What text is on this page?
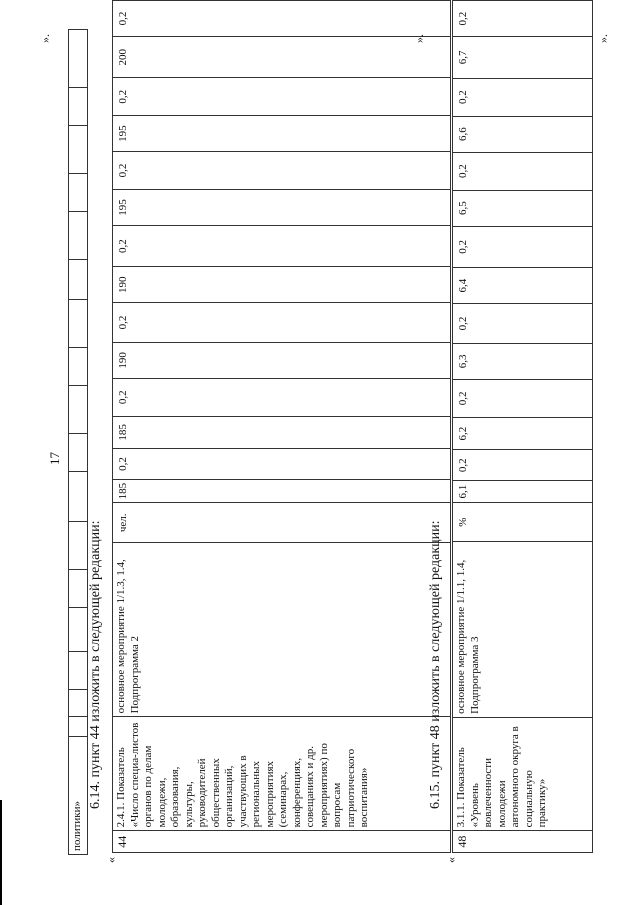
политики»																	
».
17
6.14. пункт 44 изложить в следующей редакции:
«
44	2.4.1. Показатель «Число специа-листов органов по делам молодежи, образования, культуры, руководителей общественных организаций, участвующих в региональных мероприятиях (семинарах, конференциях, совещаниях и др. мероприятиях) по вопросам патриотического воспитания»	основное мероприятие 1/1.3, 1.4, Подпрограмма 2	чел.	185	0,2	185	0,2	190	0,2	190	0,2	195	0,2	195	0,2	200	0,2
».
6.15. пункт 48 изложить в следующей редакции:
«
48	3.1.1. Показатель «Уровень вовлеченности молодежи автономного округа в социальную практику»	основное мероприятие 1/1.1, 1.4, Подпрограмма 3	%	6,1	0,2	6,2	0,2	6,3	0,2	6,4	0,2	6,5	0,2	6,6	0,2	6,7	0,2
».
